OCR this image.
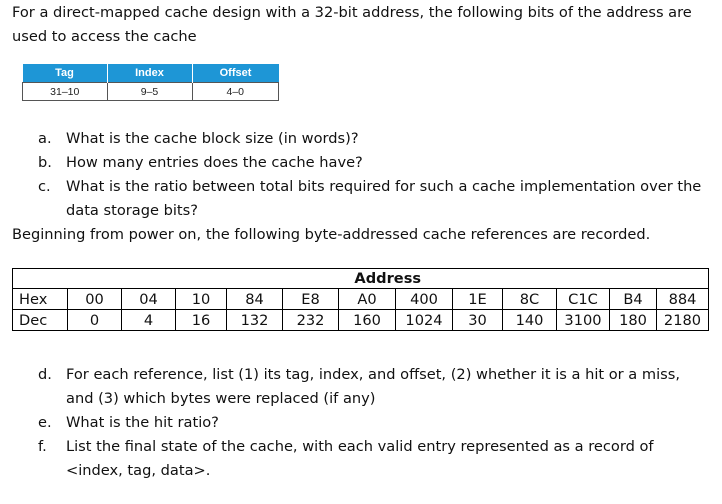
For a direct-mapped cache design with a 32-bit address, the following bits of the address are used to access the cache
Tag	Index	Offset
31–10	9–5	4–0
a. What is the cache block size (in words)?
b. How many entries does the cache have?
c. What is the ratio between total bits required for such a cache implementation over the data storage bits?
Beginning from power on, the following byte-addressed cache references are recorded.
	Address											
Hex	00	04	10	84	E8	A0	400	1E	8C	C1C	B4	884
Dec	0	4	16	132	232	160	1024	30	140	3100	180	2180
d. For each reference, list (1) its tag, index, and offset, (2) whether it is a hit or a miss, and (3) which bytes were replaced (if any)
e. What is the hit ratio?
f. List the final state of the cache, with each valid entry represented as a record of <index, tag, data>.
